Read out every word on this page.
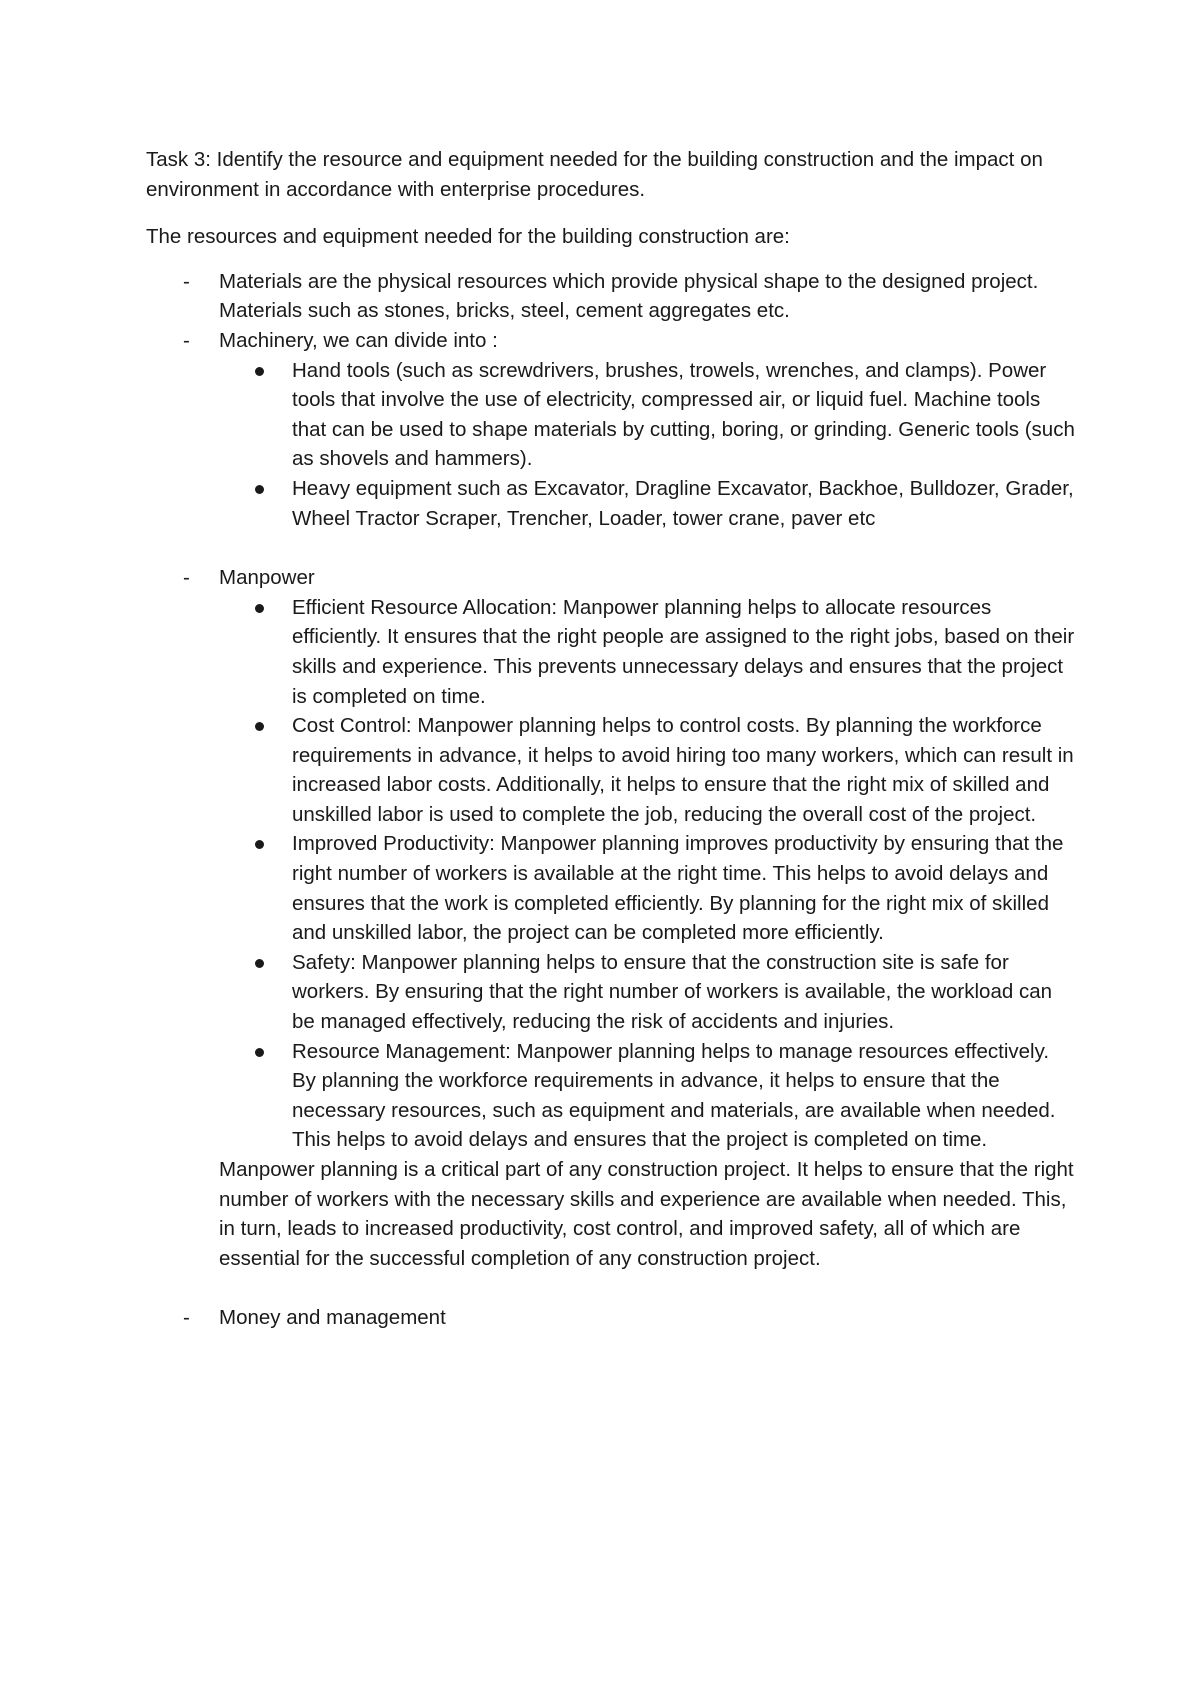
Task 3: Identify the resource and equipment needed for the building construction and the impact on environment in accordance with enterprise procedures.

The resources and equipment needed for the building construction are:

- Materials are the physical resources which provide physical shape to the designed project. Materials such as stones, bricks, steel, cement aggregates etc.
- Machinery, we can divide into :
Hand tools (such as screwdrivers, brushes, trowels, wrenches, and clamps). Power tools that involve the use of electricity, compressed air, or liquid fuel. Machine tools that can be used to shape materials by cutting, boring, or grinding. Generic tools (such as shovels and hammers).
Heavy equipment such as Excavator, Dragline Excavator, Backhoe, Bulldozer, Grader, Wheel Tractor Scraper, Trencher, Loader, tower crane, paver etc
- Manpower
Efficient Resource Allocation: Manpower planning helps to allocate resources efficiently. It ensures that the right people are assigned to the right jobs, based on their skills and experience. This prevents unnecessary delays and ensures that the project is completed on time.
Cost Control: Manpower planning helps to control costs. By planning the workforce requirements in advance, it helps to avoid hiring too many workers, which can result in increased labor costs. Additionally, it helps to ensure that the right mix of skilled and unskilled labor is used to complete the job, reducing the overall cost of the project.
Improved Productivity: Manpower planning improves productivity by ensuring that the right number of workers is available at the right time. This helps to avoid delays and ensures that the work is completed efficiently. By planning for the right mix of skilled and unskilled labor, the project can be completed more efficiently.
Safety: Manpower planning helps to ensure that the construction site is safe for workers. By ensuring that the right number of workers is available, the workload can be managed effectively, reducing the risk of accidents and injuries.
Resource Management: Manpower planning helps to manage resources effectively. By planning the workforce requirements in advance, it helps to ensure that the necessary resources, such as equipment and materials, are available when needed. This helps to avoid delays and ensures that the project is completed on time.

Manpower planning is a critical part of any construction project. It helps to ensure that the right number of workers with the necessary skills and experience are available when needed. This, in turn, leads to increased productivity, cost control, and improved safety, all of which are essential for the successful completion of any construction project.

- Money and management
